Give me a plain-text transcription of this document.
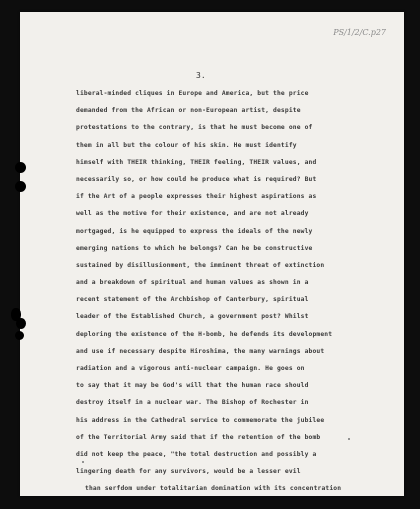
PS/1/2/C.p27
3.
liberal-minded cliques in Europe and America, but the price
demanded from the African or non-European artist, despite
protestations to the contrary, is that he must become one of
them in all but the colour of his skin. He must identify
himself with THEIR thinking, THEIR feeling, THEIR values, and
necessarily so, or how could he produce what is required? But
if the Art of a people expresses their highest aspirations as
well as the motive for their existence, and are not already
mortgaged, is he equipped to express the ideals of the newly
emerging nations to which he belongs? Can he be constructive
sustained by disillusionment, the imminent threat of extinction
and a breakdown of spiritual and human values as shown in a
recent statement of the Archbishop of Canterbury, spiritual
leader of the Established Church, a government post? Whilst
deploring the existence of the H-bomb, he defends its development
and use if necessary despite Hiroshima, the many warnings about
radiation and a vigorous anti-nuclear campaign. He goes on
to say that it may be God's will that the human race should
destroy itself in a nuclear war. The Bishop of Rochester in
his address in the Cathedral service to commemorate the jubilee
of the Territorial Army said that if the retention of the bomb
did not keep the peace, "the total destruction and possibly a
lingering death for any survivors, would be a lesser evil
than serfdom under totalitarian domination with its concentration
